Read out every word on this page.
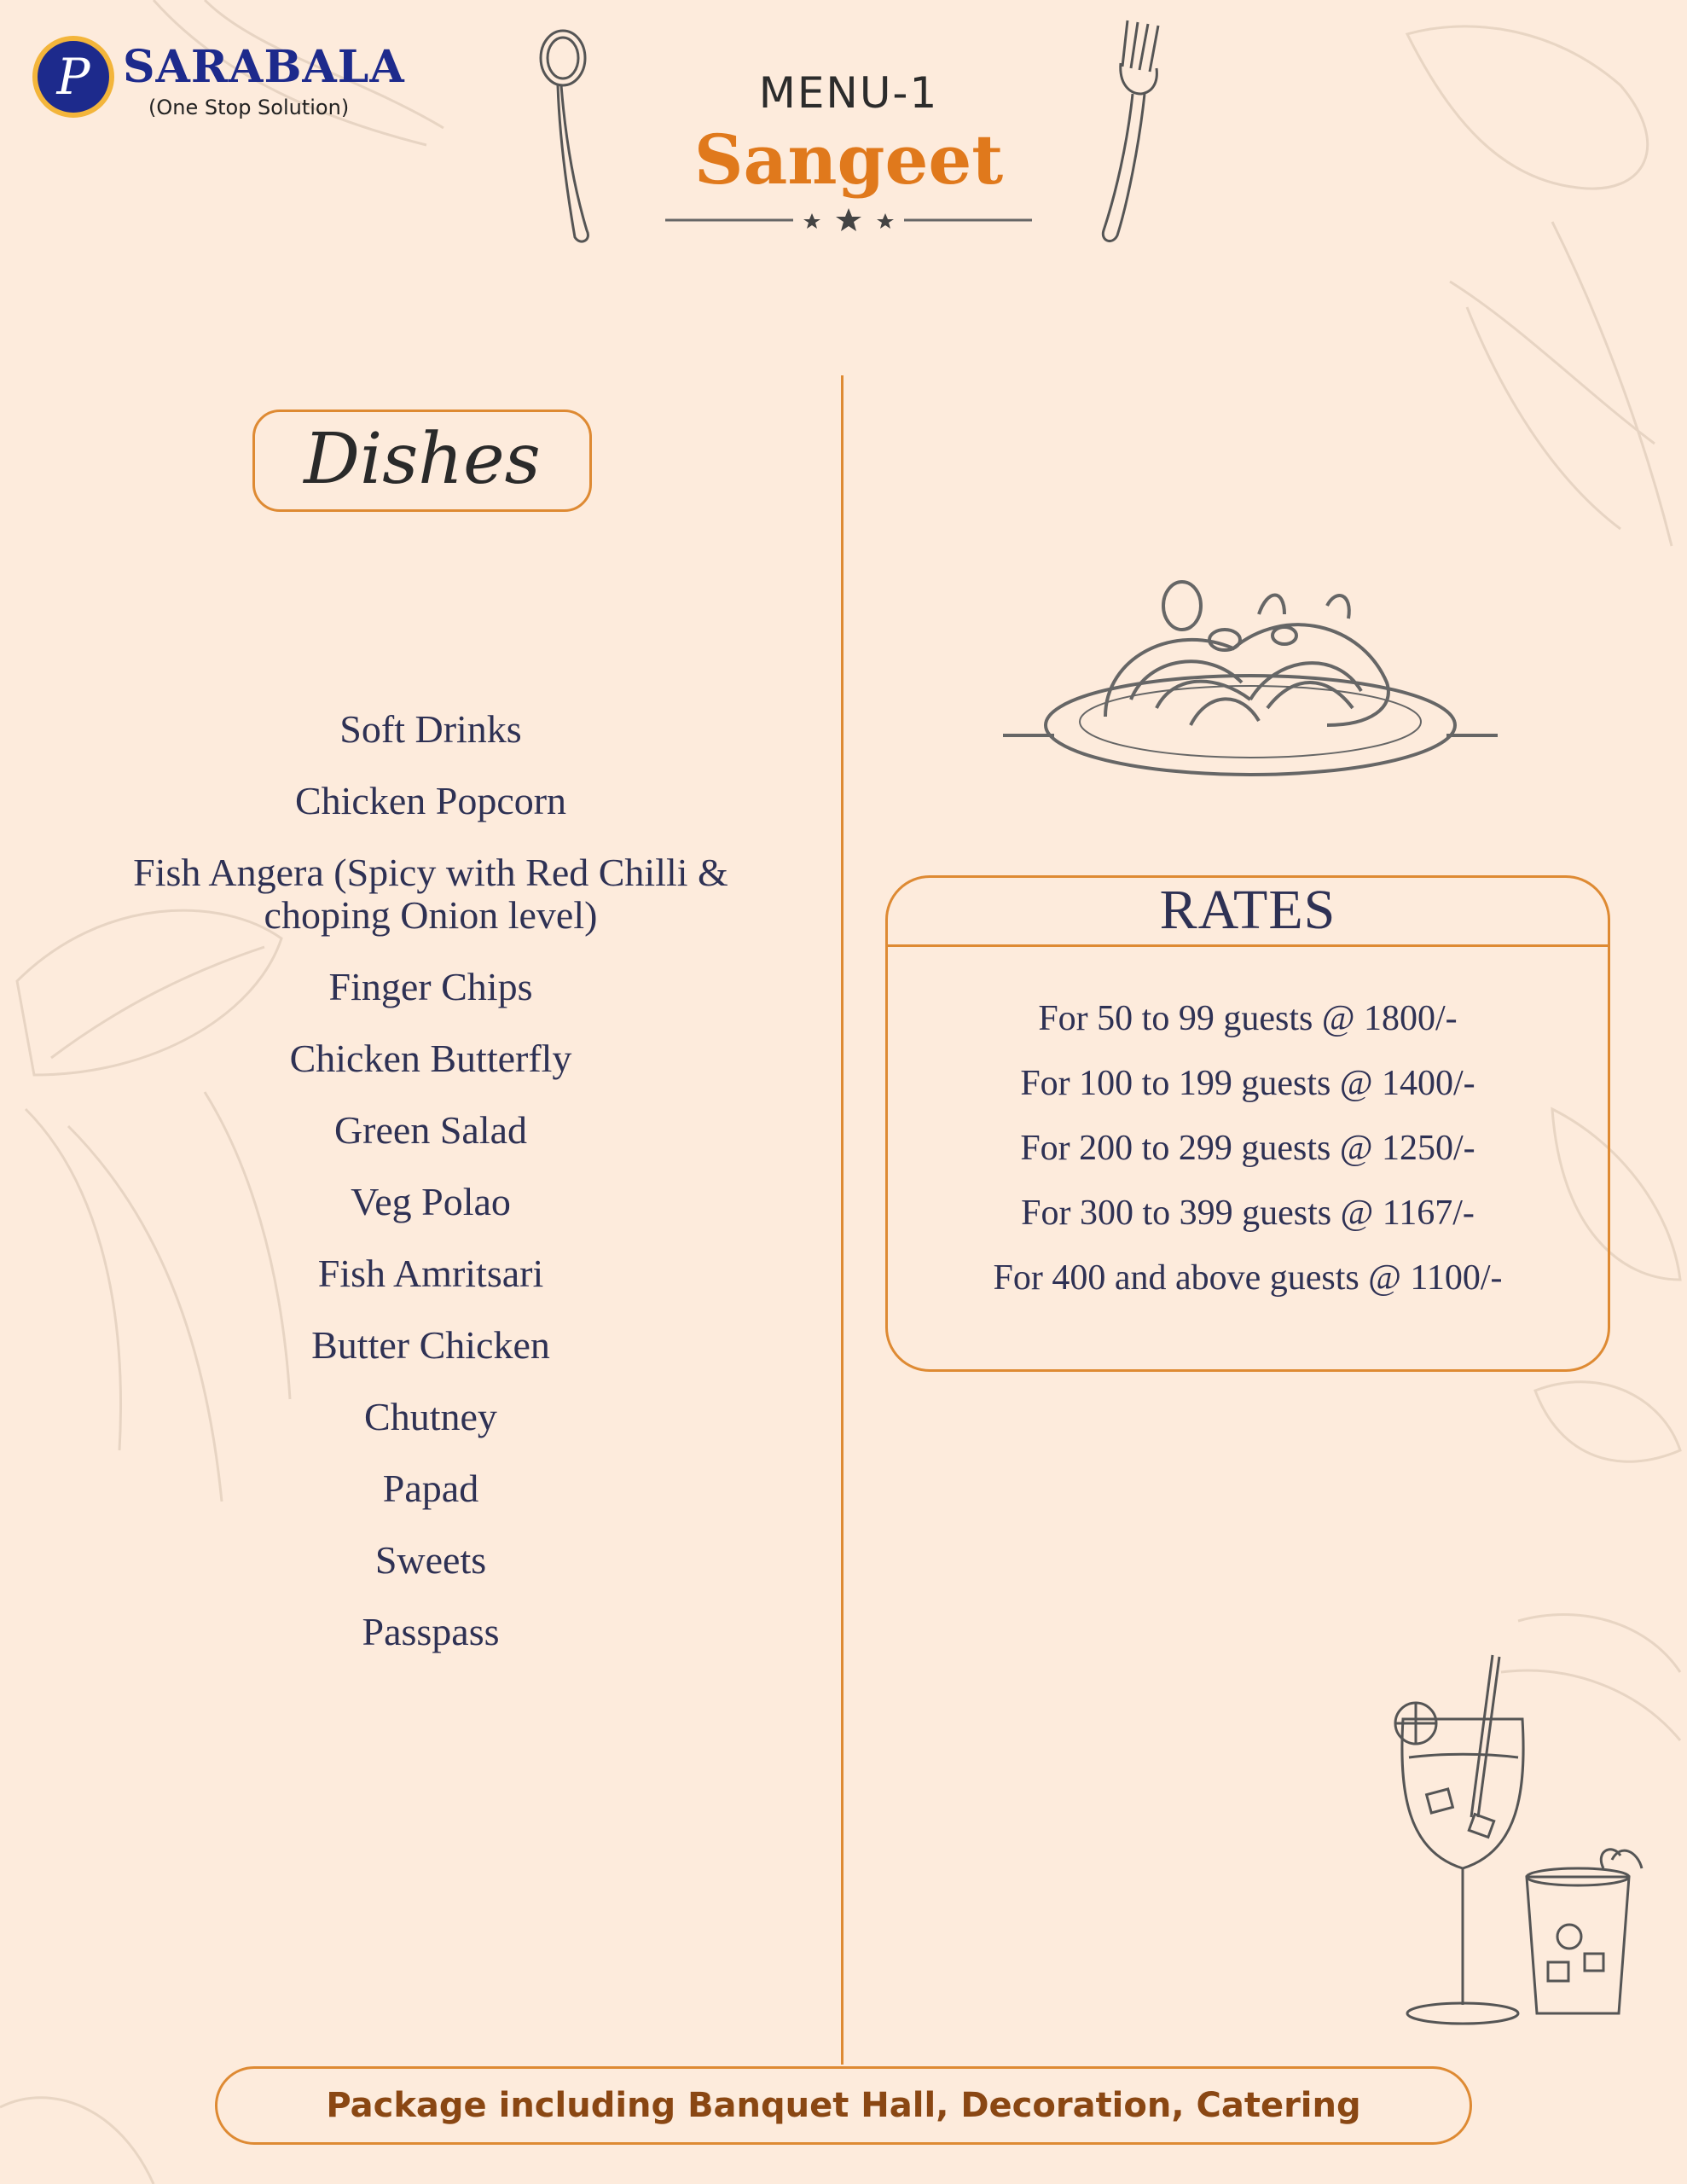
P SARABALA
(One Stop Solution)	MENU-1
Sangeet
Dishes
Soft Drinks
Chicken Popcorn
Fish Angera (Spicy with Red Chilli & choping Onion level)
Finger Chips
Chicken Butterfly
Green Salad
Veg Polao
Fish Amritsari
Butter Chicken
Chutney
Papad
Sweets
Passpass
RATES
For 50 to 99 guests @ 1800/-
For 100 to 199 guests @ 1400/-
For 200 to 299 guests @ 1250/-
For 300 to 399 guests @ 1167/-
For 400 and above guests @ 1100/-
Package including Banquet Hall, Decoration, Catering
